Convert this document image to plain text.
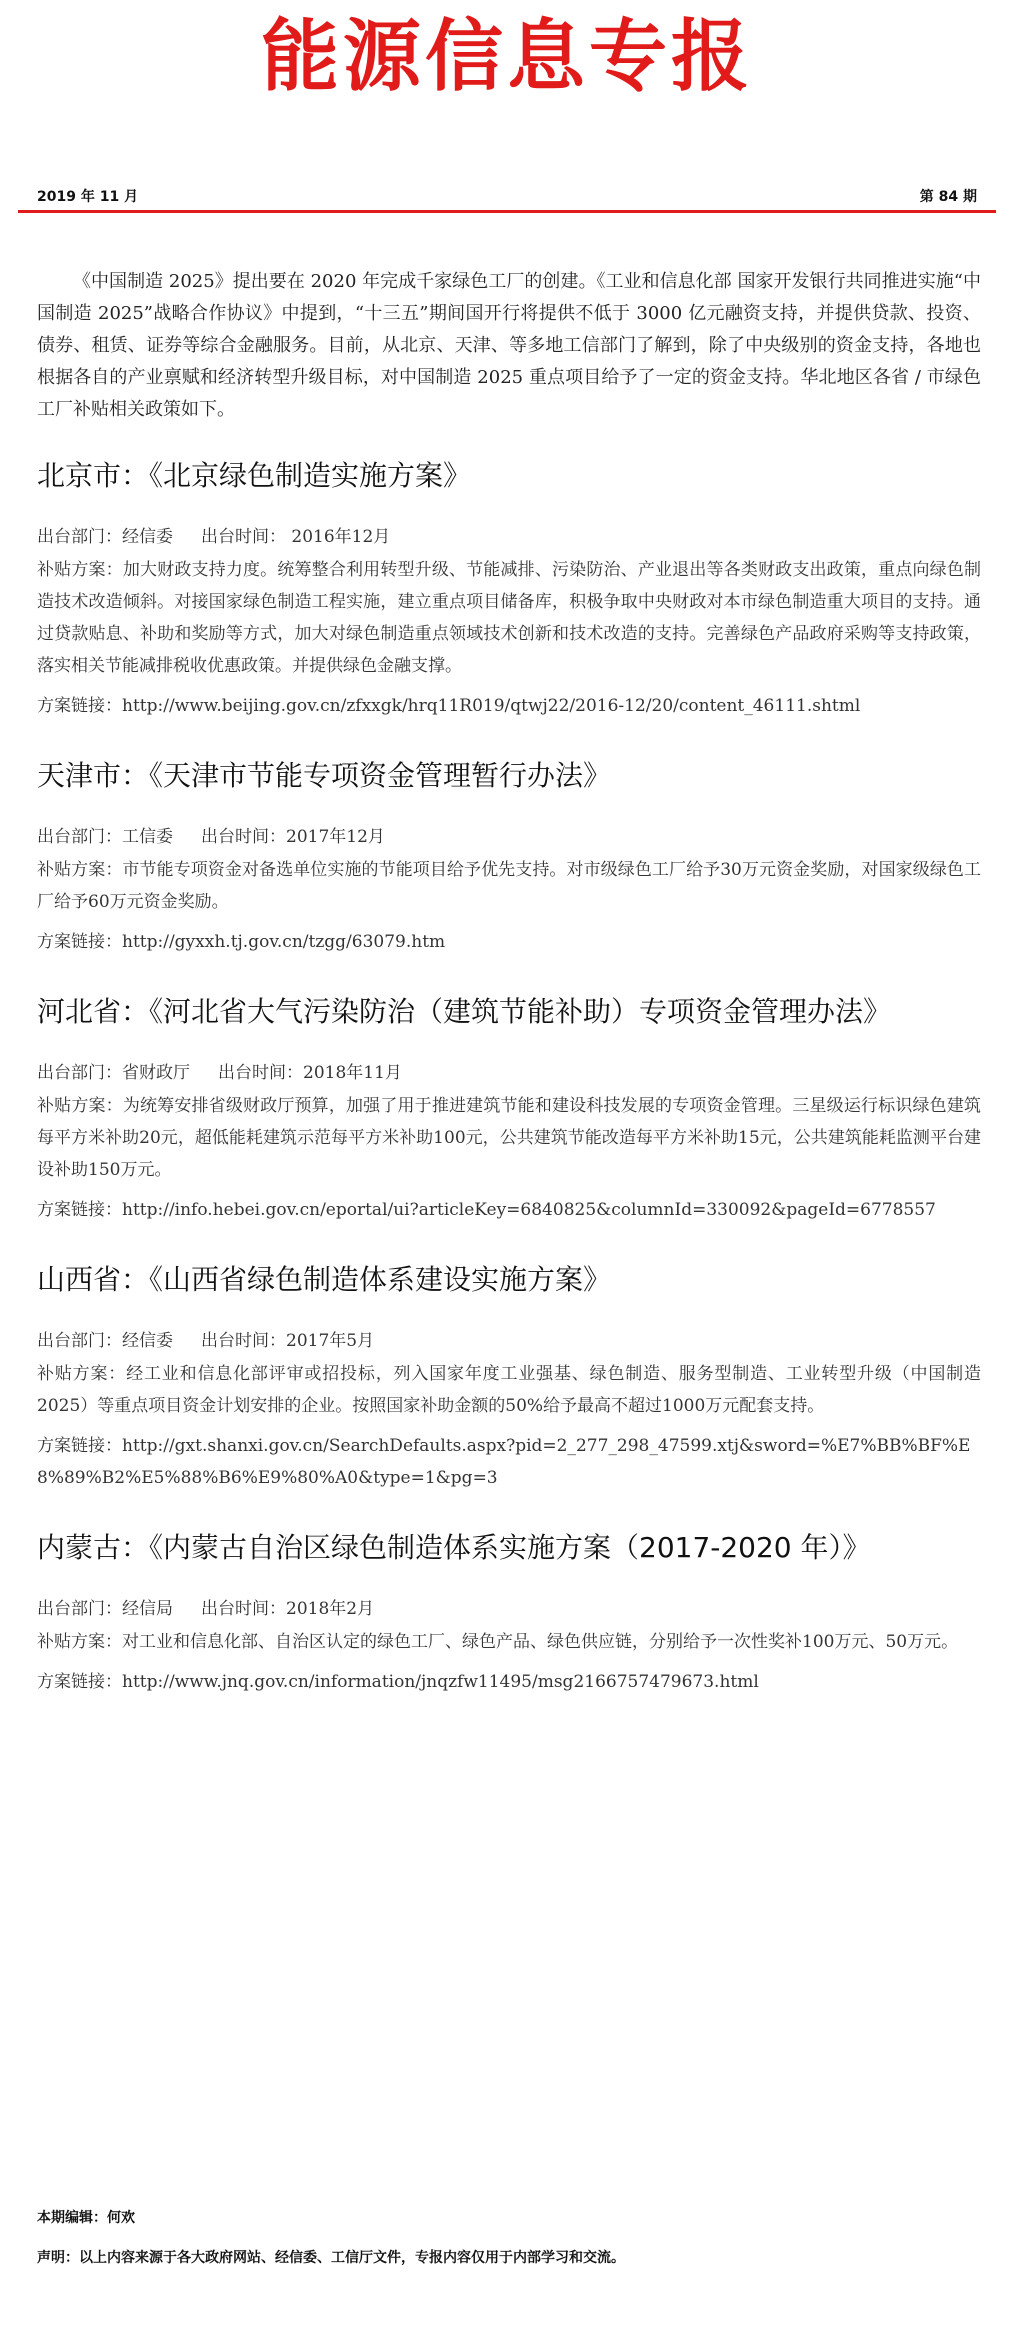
能源信息专报
2019 年 11 月	第 84 期

《中国制造 2025》提出要在 2020 年完成千家绿色工厂的创建。《工业和信息化部 国家开发银行共同推进实施“中国制造 2025”战略合作协议》中提到，“十三五”期间国开行将提供不低于 3000 亿元融资支持，并提供贷款、投资、债券、租赁、证券等综合金融服务。目前，从北京、天津、等多地工信部门了解到，除了中央级别的资金支持，各地也根据各自的产业禀赋和经济转型升级目标，对中国制造 2025 重点项目给予了一定的资金支持。华北地区各省 / 市绿色工厂补贴相关政策如下。

北京市：《北京绿色制造实施方案》

出台部门：经信委 出台时间： 2016年12月

补贴方案：加大财政支持力度。统筹整合利用转型升级、节能减排、污染防治、产业退出等各类财政支出政策，重点向绿色制造技术改造倾斜。对接国家绿色制造工程实施，建立重点项目储备库，积极争取中央财政对本市绿色制造重大项目的支持。通过贷款贴息、补助和奖励等方式，加大对绿色制造重点领域技术创新和技术改造的支持。完善绿色产品政府采购等支持政策，落实相关节能减排税收优惠政策。并提供绿色金融支撑。

方案链接：http://www.beijing.gov.cn/zfxxgk/hrq11R019/qtwj22/2016-12/20/content_46111.shtml

天津市：《天津市节能专项资金管理暂行办法》

出台部门：工信委 出台时间：2017年12月

补贴方案：市节能专项资金对备选单位实施的节能项目给予优先支持。对市级绿色工厂给予30万元资金奖励，对国家级绿色工厂给予60万元资金奖励。

方案链接：http://gyxxh.tj.gov.cn/tzgg/63079.htm

河北省：《河北省大气污染防治（建筑节能补助）专项资金管理办法》

出台部门：省财政厅 出台时间：2018年11月

补贴方案：为统筹安排省级财政厅预算，加强了用于推进建筑节能和建设科技发展的专项资金管理。三星级运行标识绿色建筑每平方米补助20元，超低能耗建筑示范每平方米补助100元，公共建筑节能改造每平方米补助15元，公共建筑能耗监测平台建设补助150万元。

方案链接：http://info.hebei.gov.cn/eportal/ui?articleKey=6840825&columnId=330092&pageId=6778557

山西省：《山西省绿色制造体系建设实施方案》

出台部门：经信委 出台时间：2017年5月

补贴方案：经工业和信息化部评审或招投标，列入国家年度工业强基、绿色制造、服务型制造、工业转型升级（中国制造2025）等重点项目资金计划安排的企业。按照国家补助金额的50%给予最高不超过1000万元配套支持。

方案链接：http://gxt.shanxi.gov.cn/SearchDefaults.aspx?pid=2_277_298_47599.xtj&sword=%E7%BB%BF%E8%89%B2%E5%88%B6%E9%80%A0&type=1&pg=3

内蒙古：《内蒙古自治区绿色制造体系实施方案（2017-2020 年）》

出台部门：经信局 出台时间：2018年2月

补贴方案：对工业和信息化部、自治区认定的绿色工厂、绿色产品、绿色供应链，分别给予一次性奖补100万元、50万元。

方案链接：http://www.jnq.gov.cn/information/jnqzfw11495/msg2166757479673.html

本期编辑：何欢
声明：以上内容来源于各大政府网站、经信委、工信厅文件，专报内容仅用于内部学习和交流。
